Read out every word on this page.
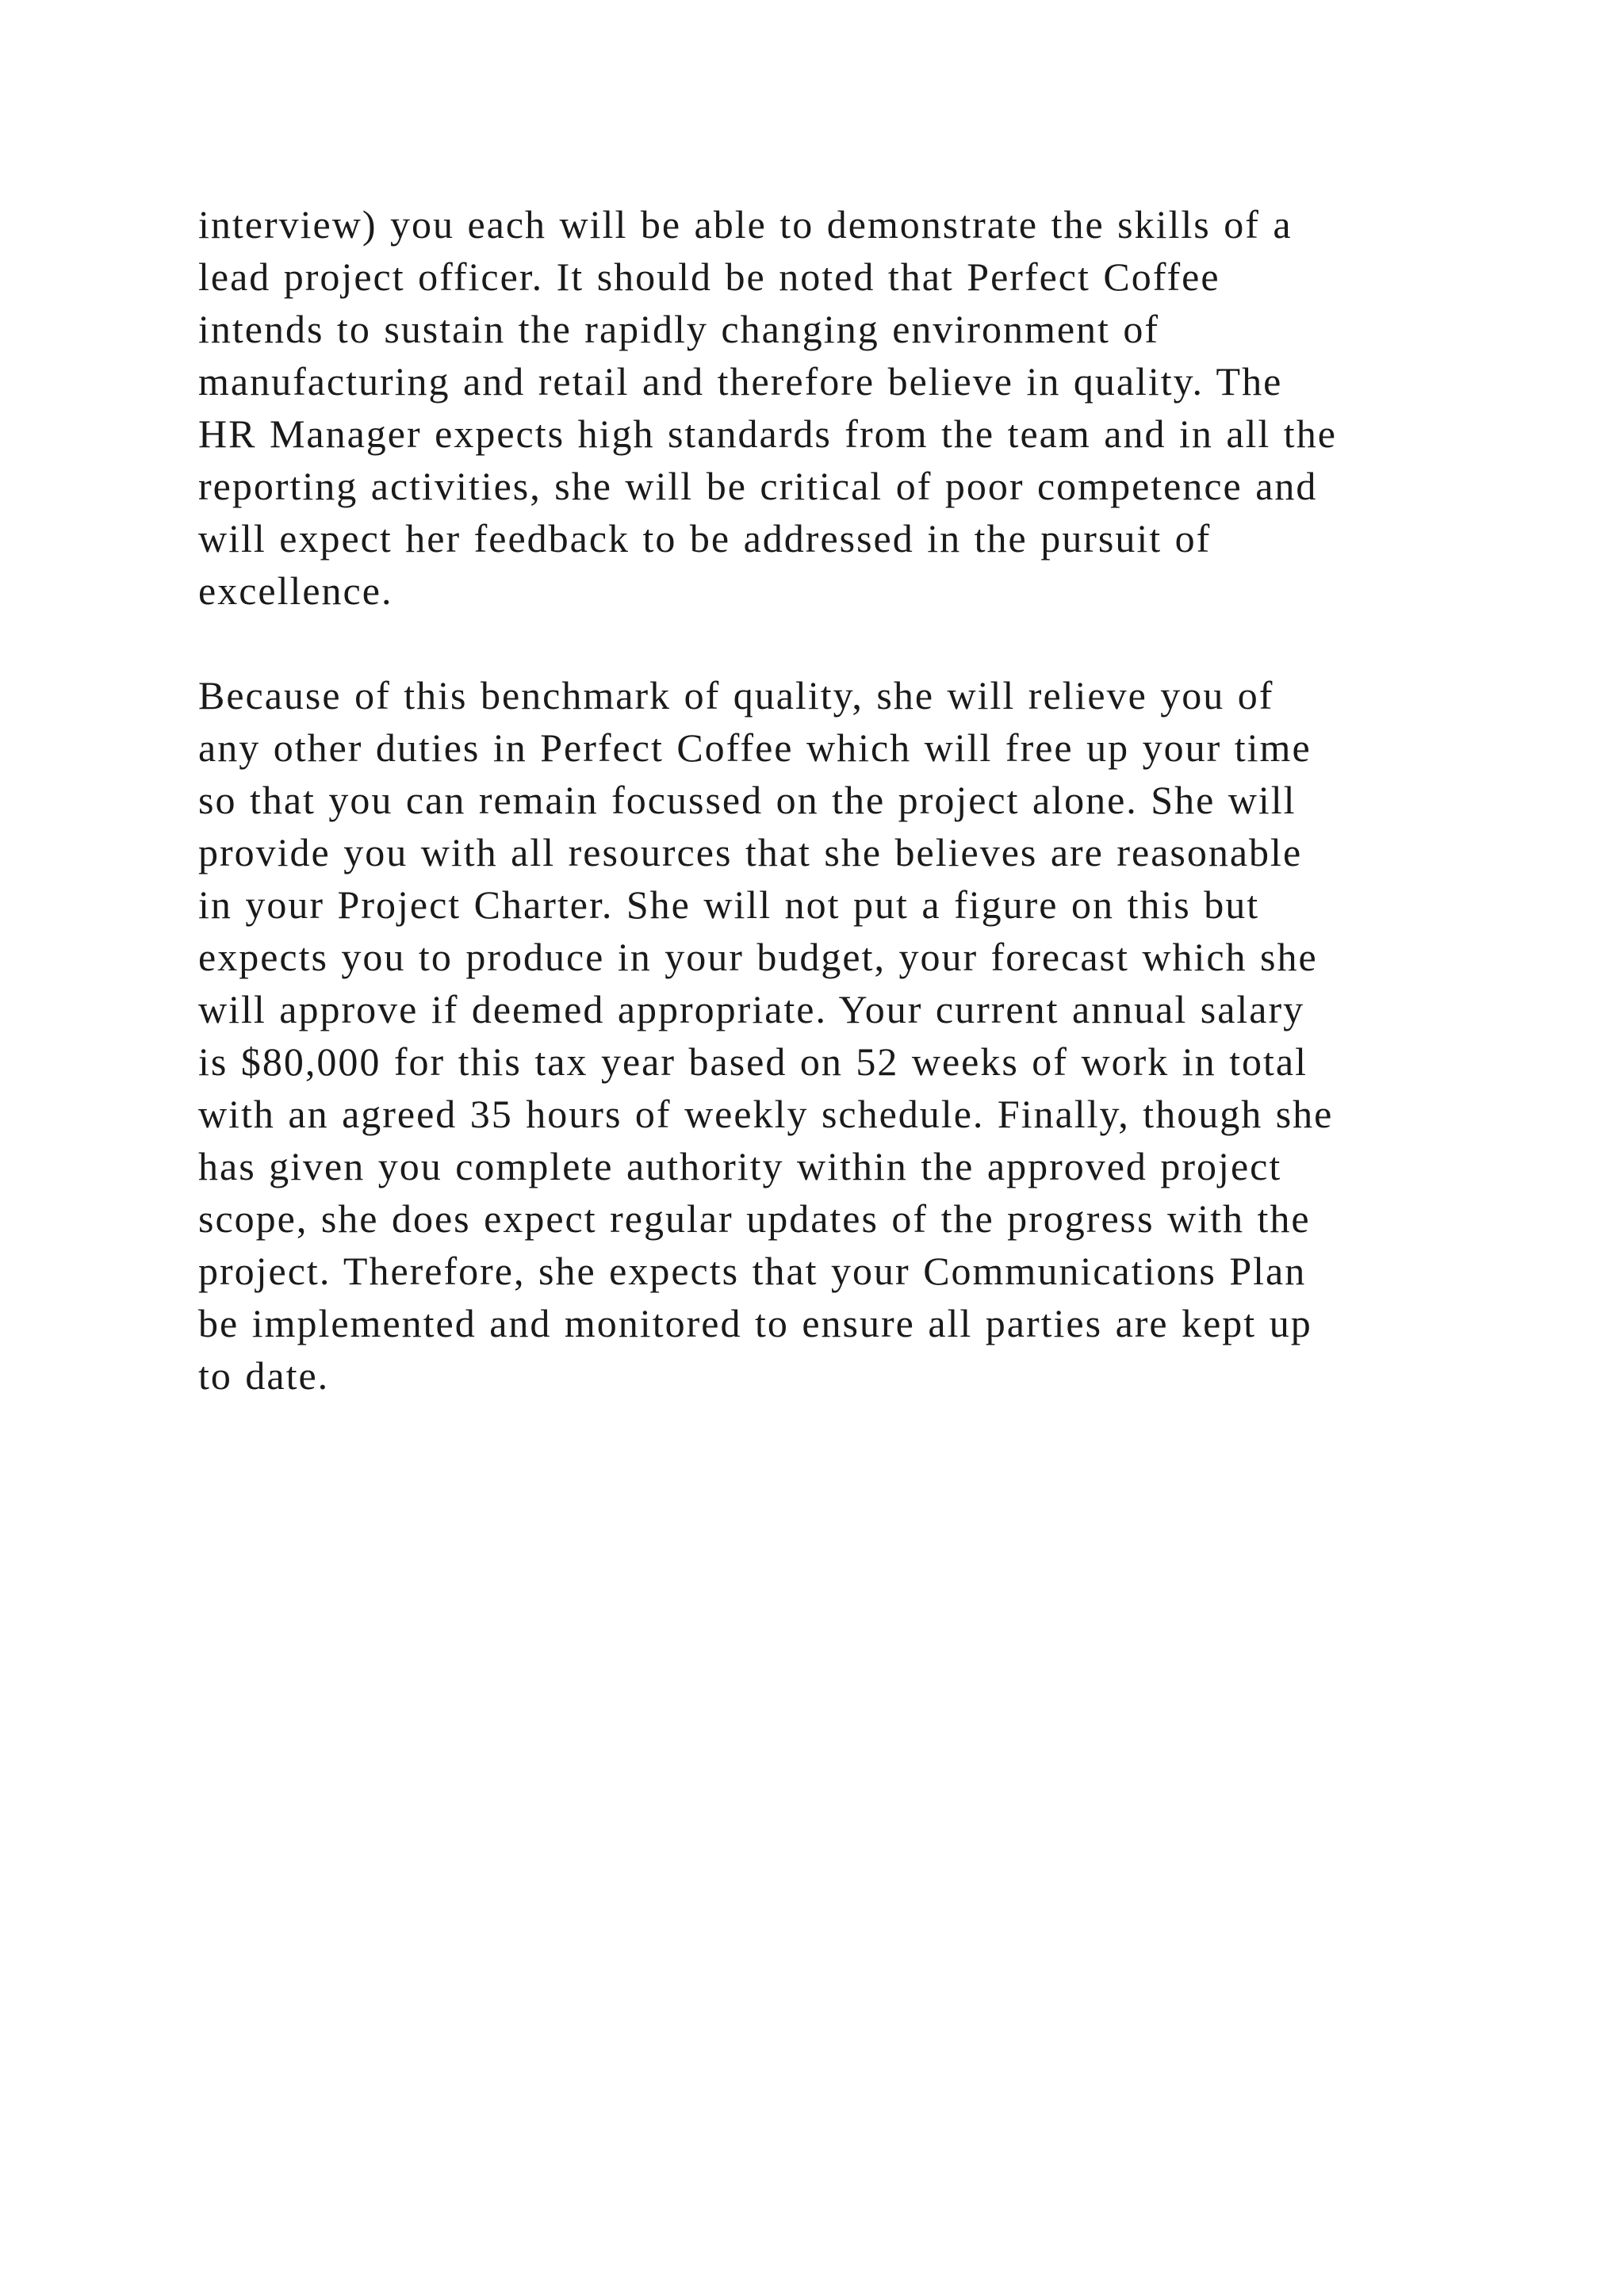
interview) you each will be able to demonstrate the skills of a
lead project officer. It should be noted that Perfect Coffee
intends to sustain the rapidly changing environment of
manufacturing and retail and therefore believe in quality. The
HR Manager expects high standards from the team and in all the
reporting activities, she will be critical of poor competence and
will expect her feedback to be addressed in the pursuit of
excellence.
Because of this benchmark of quality, she will relieve you of
any other duties in Perfect Coffee which will free up your time
so that you can remain focussed on the project alone. She will
provide you with all resources that she believes are reasonable
in your Project Charter. She will not put a figure on this but
expects you to produce in your budget, your forecast which she
will approve if deemed appropriate. Your current annual salary
is $80,000 for this tax year based on 52 weeks of work in total
with an agreed 35 hours of weekly schedule. Finally, though she
has given you complete authority within the approved project
scope, she does expect regular updates of the progress with the
project. Therefore, she expects that your Communications Plan
be implemented and monitored to ensure all parties are kept up
to date.
